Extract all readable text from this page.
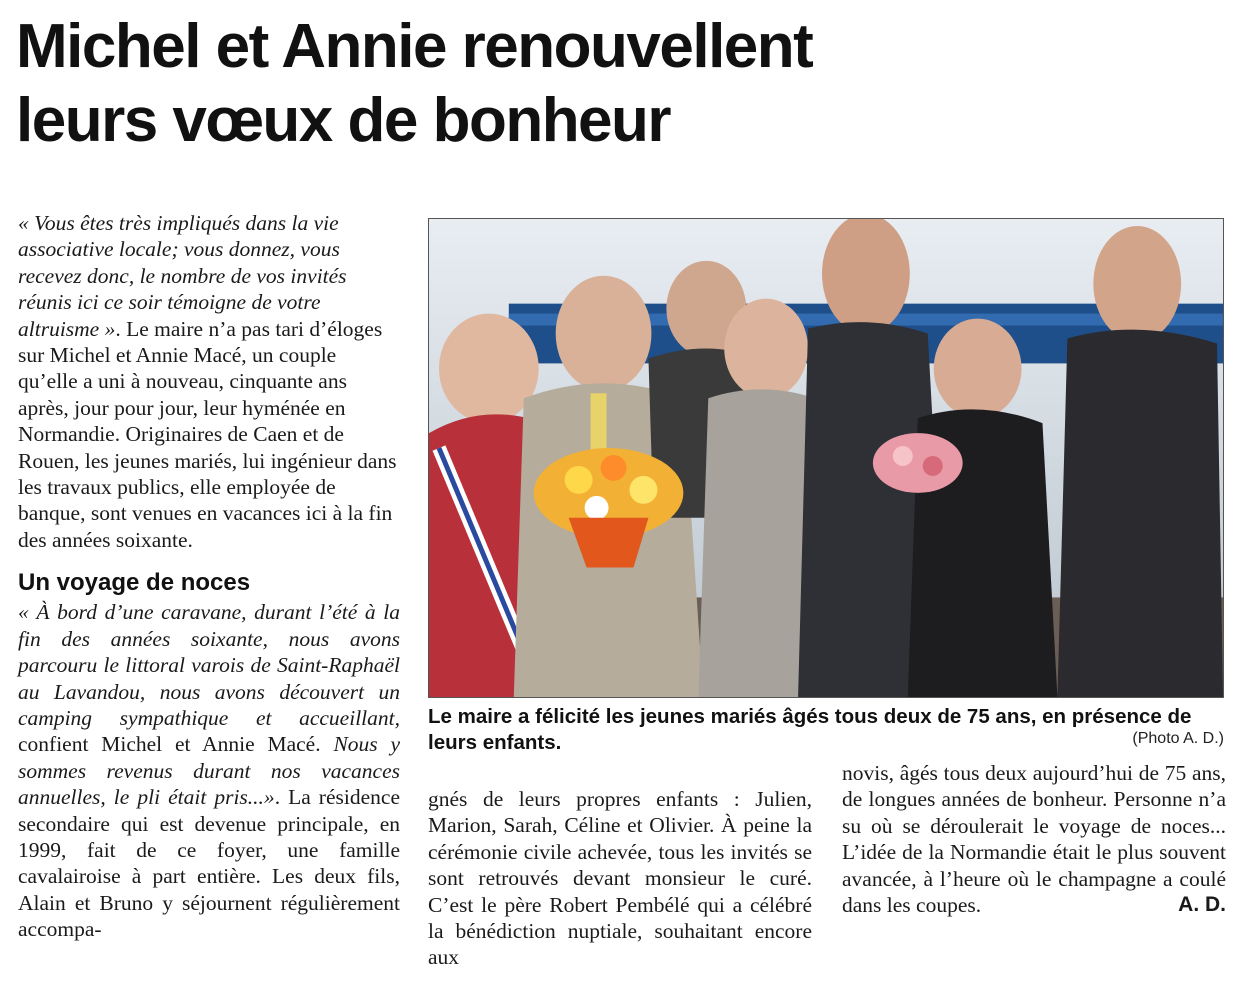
Michel et Annie renouvellent
leurs vœux de bonheur

« Vous êtes très impliqués dans la vie associative locale; vous donnez, vous recevez donc, le nombre de vos invités réunis ici ce soir témoigne de votre altruisme ». Le maire n’a pas tari d’éloges sur Michel et Annie Macé, un couple qu’elle a uni à nouveau, cinquante ans après, jour pour jour, leur hyménée en Normandie. Originaires de Caen et de Rouen, les jeunes mariés, lui ingénieur dans les travaux publics, elle employée de banque, sont venues en vacances ici à la fin des années soixante.

Un voyage de noces

« À bord d’une caravane, durant l’été à la fin des années soixante, nous avons parcouru le littoral varois de Saint-Raphaël au Lavandou, nous avons découvert un camping sympathique et accueillant, confient Michel et Annie Macé. Nous y sommes revenus durant nos vacances annuelles, le pli était pris...». La résidence secondaire qui est devenue principale, en 1999, fait de ce foyer, une famille cavalairoise à part entière. Les deux fils, Alain et Bruno y séjournent régulièrement accompa-

Le maire a félicité les jeunes mariés âgés tous deux de 75 ans, en présence de leurs enfants.	(Photo A. D.)

gnés de leurs propres enfants : Julien, Marion, Sarah, Céline et Olivier. À peine la cérémonie civile achevée, tous les invités se sont retrouvés devant monsieur le curé. C’est le père Robert Pembélé qui a célébré la bénédiction nuptiale, souhaitant encore aux

novis, âgés tous deux aujourd’hui de 75 ans, de longues années de bonheur. Personne n’a su où se déroulerait le voyage de noces... L’idée de la Normandie était le plus souvent avancée, à l’heure où le champagne a coulé dans les coupes.	A. D.
